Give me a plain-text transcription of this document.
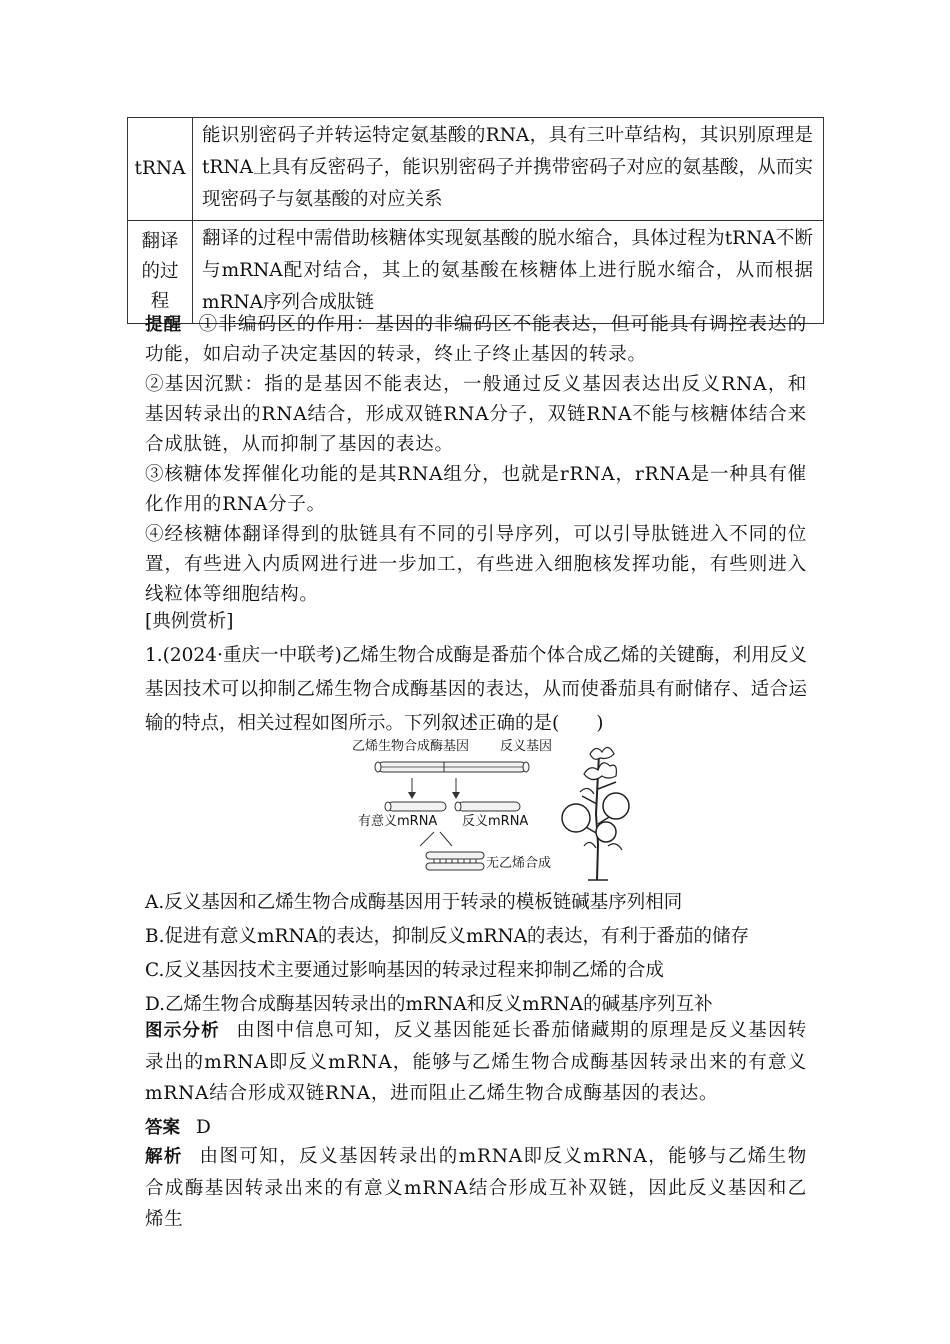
tRNA	能识别密码子并转运特定氨基酸的RNA，具有三叶草结构，其识别原理是tRNA上具有反密码子，能识别密码子并携带密码子对应的氨基酸，从而实现密码子与氨基酸的对应关系

翻译
的过
程	翻译的过程中需借助核糖体实现氨基酸的脱水缩合，具体过程为tRNA不断与mRNA配对结合，其上的氨基酸在核糖体上进行脱水缩合，从而根据mRNA序列合成肽链

提醒 ①非编码区的作用：基因的非编码区不能表达，但可能具有调控表达的功能，如启动子决定基因的转录，终止子终止基因的转录。

②基因沉默：指的是基因不能表达，一般通过反义基因表达出反义RNA，和基因转录出的RNA结合，形成双链RNA分子，双链RNA不能与核糖体结合来合成肽链，从而抑制了基因的表达。

③核糖体发挥催化功能的是其RNA组分，也就是rRNA，rRNA是一种具有催化作用的RNA分子。

④经核糖体翻译得到的肽链具有不同的引导序列，可以引导肽链进入不同的位置，有些进入内质网进行进一步加工，有些进入细胞核发挥功能，有些则进入线粒体等细胞结构。

[典例赏析]

1.(2024·重庆一中联考)乙烯生物合成酶是番茄个体合成乙烯的关键酶，利用反义基因技术可以抑制乙烯生物合成酶基因的表达，从而使番茄具有耐储存、适合运输的特点，相关过程如图所示。下列叙述正确的是(　　)

乙烯生物合成酶基因 反义基因
有意义mRNA 反义mRNA
无乙烯合成

A.反义基因和乙烯生物合成酶基因用于转录的模板链碱基序列相同

B.促进有意义mRNA的表达，抑制反义mRNA的表达，有利于番茄的储存

C.反义基因技术主要通过影响基因的转录过程来抑制乙烯的合成

D.乙烯生物合成酶基因转录出的mRNA和反义mRNA的碱基序列互补

图示分析 由图中信息可知，反义基因能延长番茄储藏期的原理是反义基因转录出的mRNA即反义mRNA，能够与乙烯生物合成酶基因转录出来的有意义mRNA结合形成双链RNA，进而阻止乙烯生物合成酶基因的表达。

答案 D

解析 由图可知，反义基因转录出的mRNA即反义mRNA，能够与乙烯生物合成酶基因转录出来的有意义mRNA结合形成互补双链，因此反义基因和乙烯生
